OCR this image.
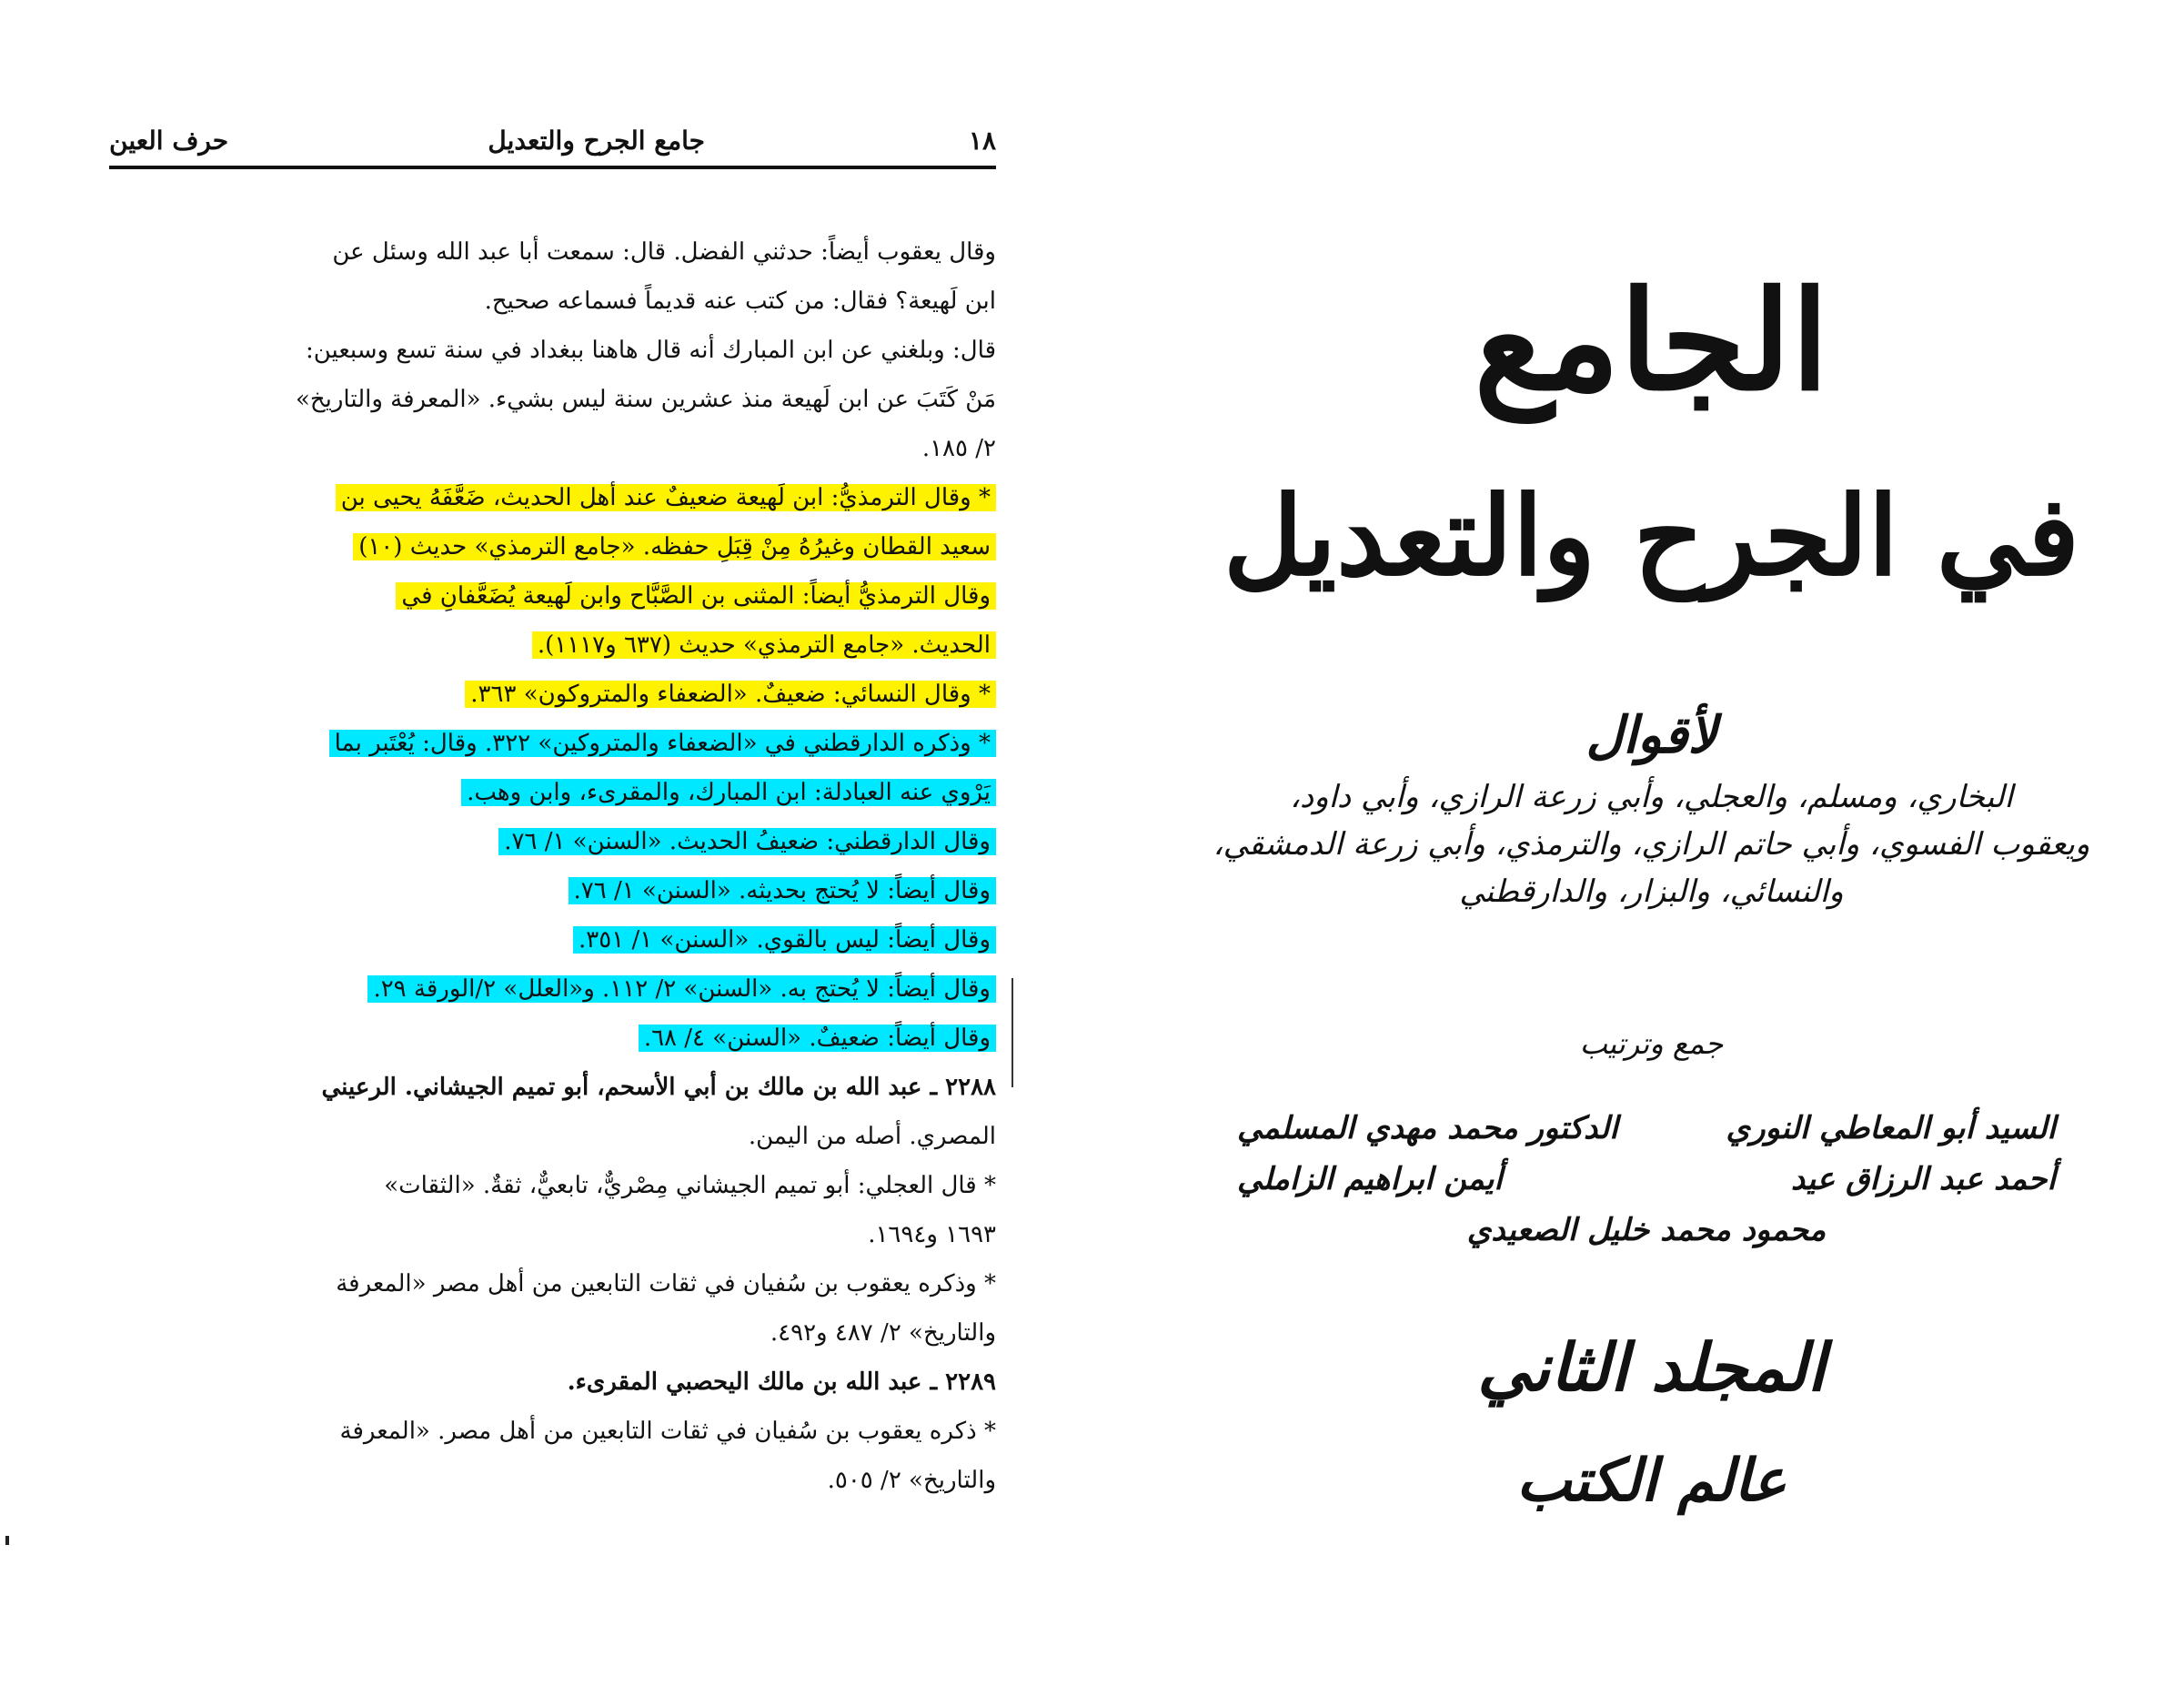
١٨
جامع الجرح والتعديل
حرف العين
وقال يعقوب أيضاً: حدثني الفضل. قال: سمعت أبا عبد الله وسئل عن
ابن لَهيعة؟ فقال: من كتب عنه قديماً فسماعه صحيح.
قال: وبلغني عن ابن المبارك أنه قال هاهنا ببغداد في سنة تسع وسبعين:
مَنْ كَتَبَ عن ابن لَهيعة منذ عشرين سنة ليس بشيء. «المعرفة والتاريخ»
٢/ ١٨٥.
* وقال الترمذيُّ: ابن لَهيعة ضعيفٌ عند أهل الحديث، ضَعَّفَهُ يحيى بن
سعيد القطان وغيرُهُ مِنْ قِبَلِ حفظه. «جامع الترمذي» حديث (١٠)
وقال الترمذيُّ أيضاً: المثنى بن الصَّبَّاح وابن لَهيعة يُضَعَّفانِ في
الحديث. «جامع الترمذي» حديث (٦٣٧ و١١١٧).
* وقال النسائي: ضعيفٌ. «الضعفاء والمتروكون» ٣٦٣.
* وذكره الدارقطني في «الضعفاء والمتروكين» ٣٢٢. وقال: يُعْتَبر بما
يَرْوي عنه العبادلة: ابن المبارك، والمقرىء، وابن وهب.
وقال الدارقطني: ضعيفُ الحديث. «السنن» ١/ ٧٦.
وقال أيضاً: لا يُحتج بحديثه. «السنن» ١/ ٧٦.
وقال أيضاً: ليس بالقوي. «السنن» ١/ ٣٥١.
وقال أيضاً: لا يُحتج به. «السنن» ٢/ ١١٢. و«العلل» ٢/الورقة ٢٩.
وقال أيضاً: ضعيفٌ. «السنن» ٤/ ٦٨.
٢٢٨٨ ـ عبد الله بن مالك بن أبي الأسحم، أبو تميم الجيشاني. الرعيني
المصري. أصله من اليمن.
* قال العجلي: أبو تميم الجيشاني مِصْريٌّ، تابعيٌّ، ثقةٌ. «الثقات»
١٦٩٣ و١٦٩٤.
* وذكره يعقوب بن سُفيان في ثقات التابعين من أهل مصر «المعرفة
والتاريخ» ٢/ ٤٨٧ و٤٩٢.
٢٢٨٩ ـ عبد الله بن مالك اليحصبي المقرىء.
* ذكره يعقوب بن سُفيان في ثقات التابعين من أهل مصر. «المعرفة
والتاريخ» ٢/ ٥٠٥.
الجامع
في الجرح والتعديل
لأقوال
البخاري، ومسلم، والعجلي، وأبي زرعة الرازي، وأبي داود،
ويعقوب الفسوي، وأبي حاتم الرازي، والترمذي، وأبي زرعة الدمشقي،
والنسائي، والبزار، والدارقطني
جمع وترتيب
السيد أبو المعاطي النوري
الدكتور محمد مهدي المسلمي
أحمد عبد الرزاق عيد
أيمن ابراهيم الزاملي
محمود محمد خليل الصعيدي
المجلد الثاني
عالم الكتب
